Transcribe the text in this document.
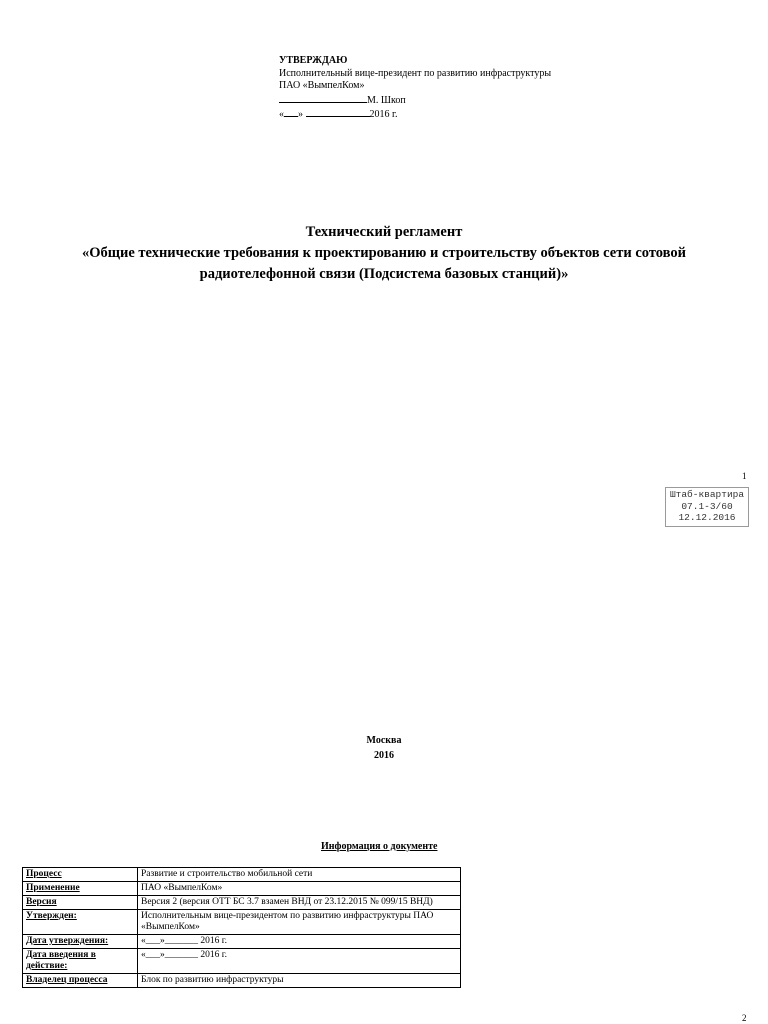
УТВЕРЖДАЮ
Исполнительный вице-президент по развитию инфраструктуры
ПАО «ВымпелКом»
М. Шкоп
« »	2016 г.
Технический регламент
«Общие технические требования к проектированию и строительству объектов сети сотовой
радиотелефонной связи (Подсистема базовых станций)»
1
Штаб-квартира
07.1-3/60
12.12.2016
Москва
2016
Информация о документе
Процесс	Развитие и строительство мобильной сети
Применение	ПАО «ВымпелКом»
Версия	Версия 2 (версия ОТТ БС 3.7 взамен ВНД от 23.12.2015 № 099/15 ВНД)
Утвержден:	Исполнительным вице-президентом по развитию инфраструктуры ПАО «ВымпелКом»
Дата утверждения:	«___»_______ 2016 г.
Дата введения в действие:	«___»_______ 2016 г.
Владелец процесса	Блок по развитию инфраструктуры
2
